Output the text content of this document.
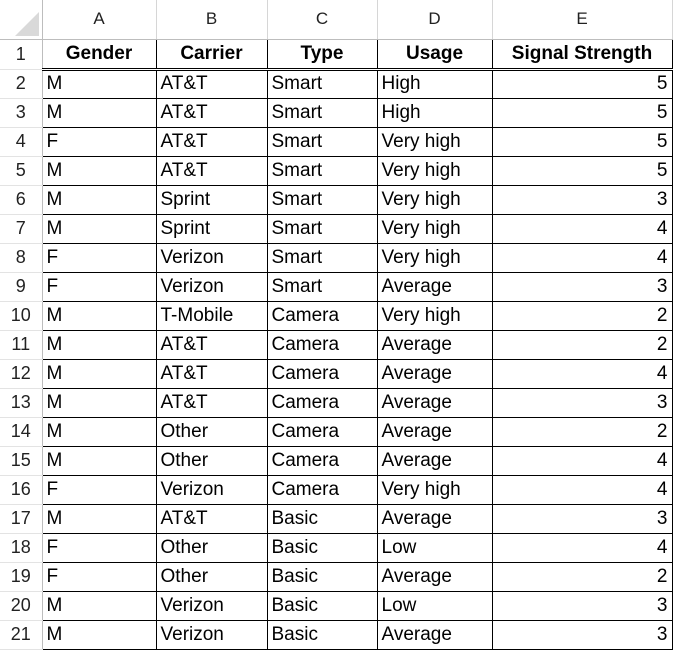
	A	B	C	D	E
1	Gender	Carrier	Type	Usage	Signal Strength
2	M	AT&T	Smart	High	5
3	M	AT&T	Smart	High	5
4	F	AT&T	Smart	Very high	5
5	M	AT&T	Smart	Very high	5
6	M	Sprint	Smart	Very high	3
7	M	Sprint	Smart	Very high	4
8	F	Verizon	Smart	Very high	4
9	F	Verizon	Smart	Average	3
10	M	T-Mobile	Camera	Very high	2
11	M	AT&T	Camera	Average	2
12	M	AT&T	Camera	Average	4
13	M	AT&T	Camera	Average	3
14	M	Other	Camera	Average	2
15	M	Other	Camera	Average	4
16	F	Verizon	Camera	Very high	4
17	M	AT&T	Basic	Average	3
18	F	Other	Basic	Low	4
19	F	Other	Basic	Average	2
20	M	Verizon	Basic	Low	3
21	M	Verizon	Basic	Average	3
